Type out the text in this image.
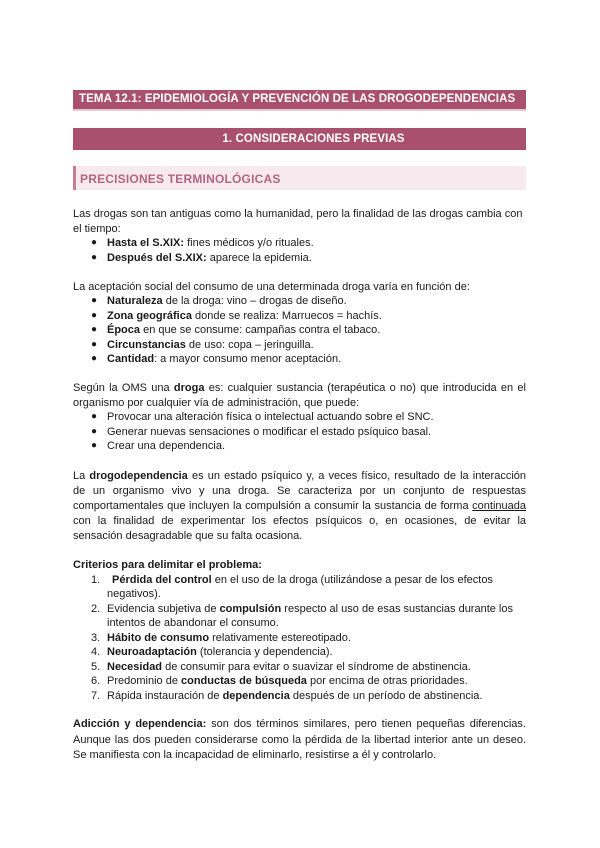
TEMA 12.1: EPIDEMIOLOGÍA Y PREVENCIÓN DE LAS DROGODEPENDENCIAS
1. CONSIDERACIONES PREVIAS
PRECISIONES TERMINOLÓGICAS
Las drogas son tan antiguas como la humanidad, pero la finalidad de las drogas cambia con
el tiempo:
● Hasta el S.XIX: fines médicos y/o rituales.
● Después del S.XIX: aparece la epidemia.
La aceptación social del consumo de una determinada droga varía en función de:
● Naturaleza de la droga: vino – drogas de diseño.
● Zona geográfica donde se realiza: Marruecos = hachís.
● Época en que se consume: campañas contra el tabaco.
● Circunstancias de uso: copa – jeringuilla.
● Cantidad: a mayor consumo menor aceptación.
Según la OMS una droga es: cualquier sustancia (terapéutica o no) que introducida en el
organismo por cualquier vía de administración, que puede:
● Provocar una alteración física o intelectual actuando sobre el SNC.
● Generar nuevas sensaciones o modificar el estado psíquico basal.
● Crear una dependencia.
La drogodependencia es un estado psíquico y, a veces físico, resultado de la interacción
de un organismo vivo y una droga. Se caracteriza por un conjunto de respuestas
comportamentales que incluyen la compulsión a consumir la sustancia de forma continuada
con la finalidad de experimentar los efectos psíquicos o, en ocasiones, de evitar la
sensación desagradable que su falta ocasiona.
Criterios para delimitar el problema:
1. Pérdida del control en el uso de la droga (utilizándose a pesar de los efectos
negativos).
2. Evidencia subjetiva de compulsión respecto al uso de esas sustancias durante los
intentos de abandonar el consumo.
3. Hábito de consumo relativamente estereotipado.
4. Neuroadaptación (tolerancia y dependencia).
5. Necesidad de consumir para evitar o suavizar el síndrome de abstinencia.
6. Predominio de conductas de búsqueda por encima de otras prioridades.
7. Rápida instauración de dependencia después de un período de abstinencia.
Adicción y dependencia: son dos términos similares, pero tienen pequeñas diferencias.
Aunque las dos pueden considerarse como la pérdida de la libertad interior ante un deseo.
Se manifiesta con la incapacidad de eliminarlo, resistirse a él y controlarlo.
